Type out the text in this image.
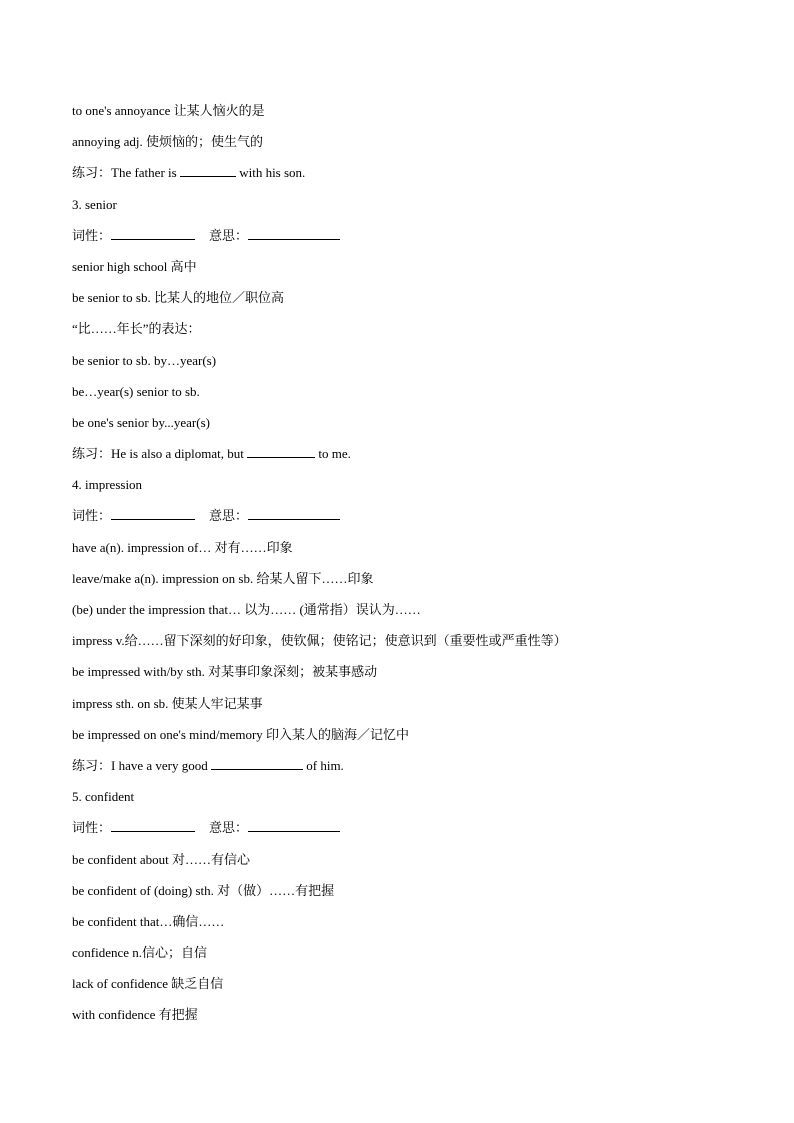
to one's annoyance 让某人恼火的是
annoying adj. 使烦恼的；使生气的
练习：The father is	with his son.
3. senior
词性：	意思：
senior high school 高中
be senior to sb. 比某人的地位／职位高
“比……年长”的表达：
be senior to sb. by…year(s)
be…year(s) senior to sb.
be one's senior by...year(s)
练习：He is also a diplomat, but	to me.
4. impression
词性：	意思：
have a(n). impression of… 对有……印象
leave/make a(n). impression on sb. 给某人留下……印象
(be) under the impression that… 以为…… (通常指）误认为……
impress v.给……留下深刻的好印象，使钦佩；使铭记；使意识到（重要性或严重性等）
be impressed with/by sth. 对某事印象深刻；被某事感动
impress sth. on sb. 使某人牢记某事
be impressed on one's mind/memory 印入某人的脑海／记忆中
练习：I have a very good	of him.
5. confident
词性：	意思：
be confident about 对……有信心
be confident of (doing) sth. 对（做）……有把握
be confident that…确信……
confidence n.信心；自信
lack of confidence 缺乏自信
with confidence 有把握
